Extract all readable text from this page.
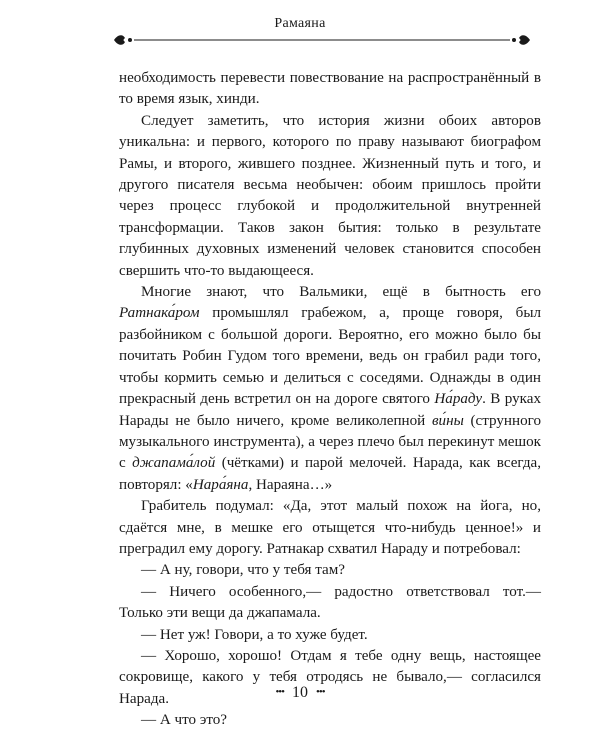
Рамаяна

необходимость перевести повествование на распространённый в то время язык, хинди.

Следует заметить, что история жизни обоих авторов уникальна: и первого, которого по праву называют биографом Рамы, и второго, жившего позднее. Жизненный путь и того, и другого писателя весьма необычен: обоим пришлось пройти через процесс глубокой и продолжительной внутренней трансформации. Таков закон бытия: только в результате глубинных духовных изменений человек становится способен свершить что-то выдающееся.

Многие знают, что Вальмики, ещё в бытность его Ратнака́ром промышлял грабежом, а, проще говоря, был разбойником с большой дороги. Вероятно, его можно было бы почитать Робин Гудом того времени, ведь он грабил ради того, чтобы кормить семью и делиться с соседями. Однажды в один прекрасный день встретил он на дороге святого На́раду. В руках Нарады не было ничего, кроме великолепной ви́ны (струнного музыкального инструмента), а через плечо был перекинут мешок с джапама́лой (чётками) и парой мелочей. Нарада, как всегда, повторял: «Нара́яна, Нараяна…»

Грабитель подумал: «Да, этот малый похож на йога, но, сдаётся мне, в мешке его отыщется что-нибудь ценное!» и преградил ему дорогу. Ратнакар схватил Нараду и потребовал:

— А ну, говори, что у тебя там?

— Ничего особенного,— радостно ответствовал тот.— Только эти вещи да джапамала.

— Нет уж! Говори, а то хуже будет.

— Хорошо, хорошо! Отдам я тебе одну вещь, настоящее сокровище, какого у тебя отродясь не бывало,— согласился Нарада.

— А что это?

••• 10 •••
